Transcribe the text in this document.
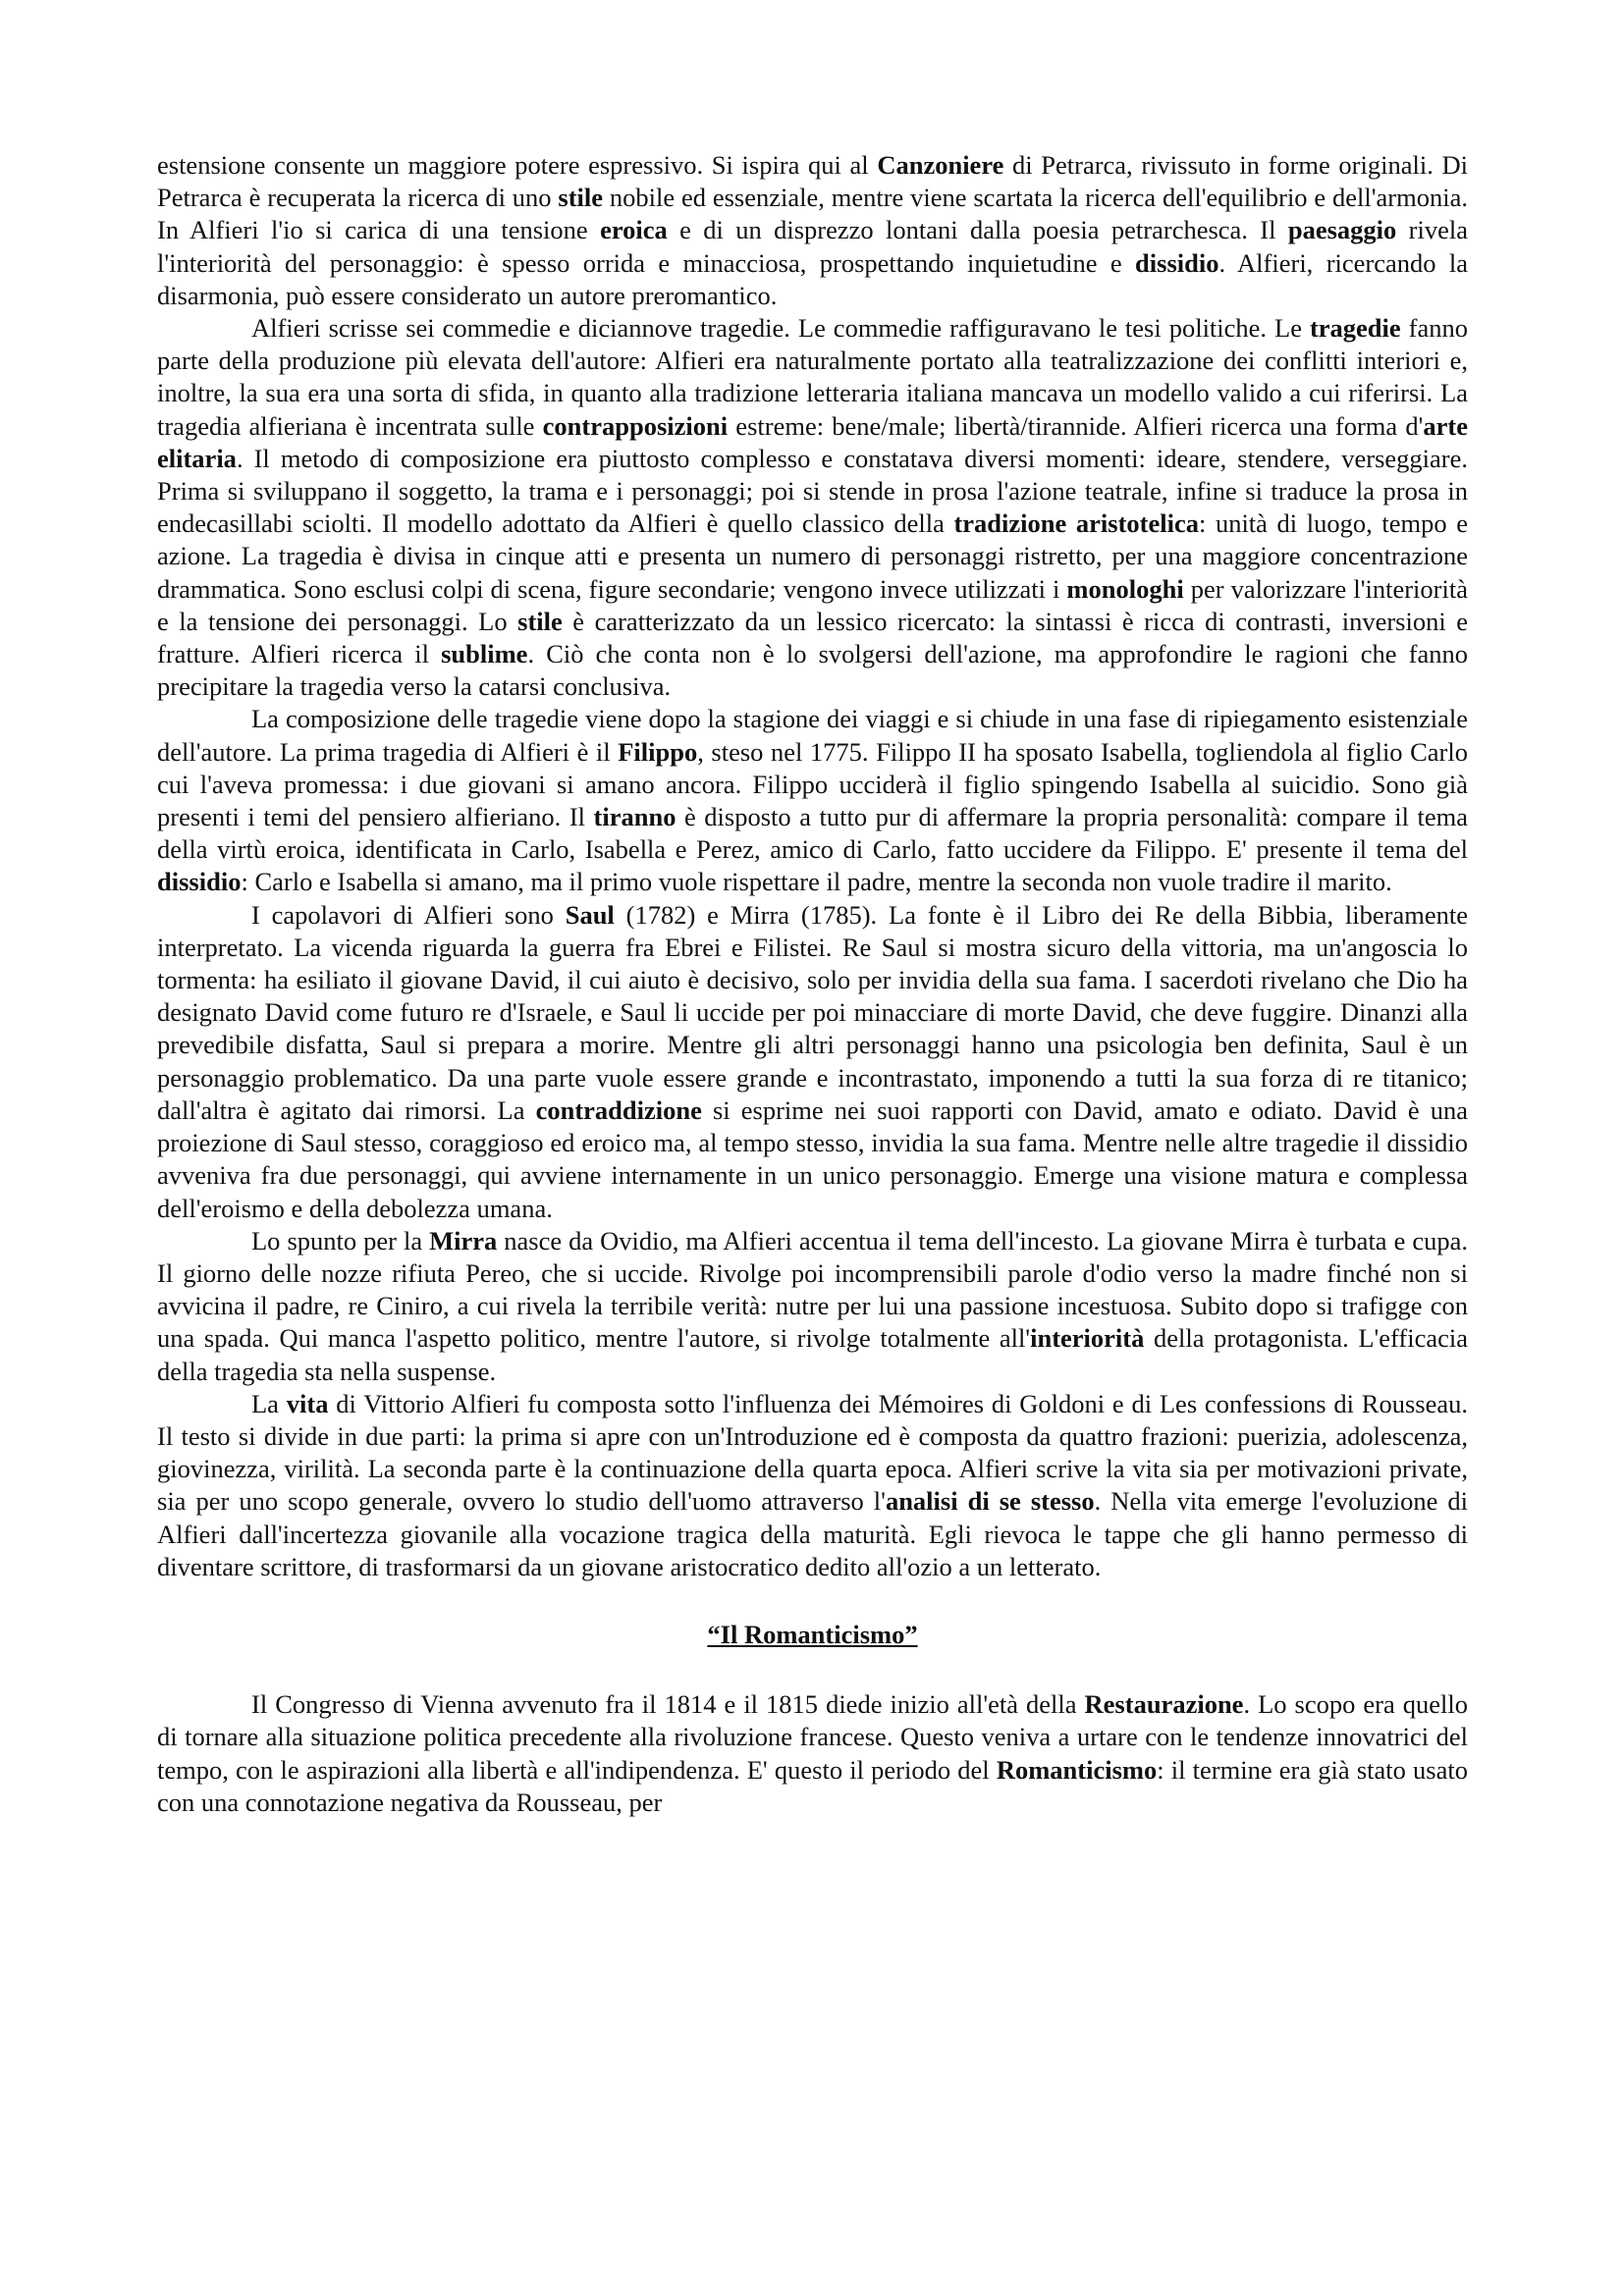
estensione consente un maggiore potere espressivo. Si ispira qui al Canzoniere di Petrarca, rivissuto in forme originali. Di Petrarca è recuperata la ricerca di uno stile nobile ed essenziale, mentre viene scartata la ricerca dell'equilibrio e dell'armonia. In Alfieri l'io si carica di una tensione eroica e di un disprezzo lontani dalla poesia petrarchesca. Il paesaggio rivela l'interiorità del personaggio: è spesso orrida e minacciosa, prospettando inquietudine e dissidio. Alfieri, ricercando la disarmonia, può essere considerato un autore preromantico.

Alfieri scrisse sei commedie e diciannove tragedie. Le commedie raffiguravano le tesi politiche. Le tragedie fanno parte della produzione più elevata dell'autore: Alfieri era naturalmente portato alla teatralizzazione dei conflitti interiori e, inoltre, la sua era una sorta di sfida, in quanto alla tradizione letteraria italiana mancava un modello valido a cui riferirsi. La tragedia alfieriana è incentrata sulle contrapposizioni estreme: bene/male; libertà/tirannide. Alfieri ricerca una forma d'arte elitaria. Il metodo di composizione era piuttosto complesso e constatava diversi momenti: ideare, stendere, verseggiare. Prima si sviluppano il soggetto, la trama e i personaggi; poi si stende in prosa l'azione teatrale, infine si traduce la prosa in endecasillabi sciolti. Il modello adottato da Alfieri è quello classico della tradizione aristotelica: unità di luogo, tempo e azione. La tragedia è divisa in cinque atti e presenta un numero di personaggi ristretto, per una maggiore concentrazione drammatica. Sono esclusi colpi di scena, figure secondarie; vengono invece utilizzati i monologhi per valorizzare l'interiorità e la tensione dei personaggi. Lo stile è caratterizzato da un lessico ricercato: la sintassi è ricca di contrasti, inversioni e fratture. Alfieri ricerca il sublime. Ciò che conta non è lo svolgersi dell'azione, ma approfondire le ragioni che fanno precipitare la tragedia verso la catarsi conclusiva.

La composizione delle tragedie viene dopo la stagione dei viaggi e si chiude in una fase di ripiegamento esistenziale dell'autore. La prima tragedia di Alfieri è il Filippo, steso nel 1775. Filippo II ha sposato Isabella, togliendola al figlio Carlo cui l'aveva promessa: i due giovani si amano ancora. Filippo ucciderà il figlio spingendo Isabella al suicidio. Sono già presenti i temi del pensiero alfieriano. Il tiranno è disposto a tutto pur di affermare la propria personalità: compare il tema della virtù eroica, identificata in Carlo, Isabella e Perez, amico di Carlo, fatto uccidere da Filippo. E' presente il tema del dissidio: Carlo e Isabella si amano, ma il primo vuole rispettare il padre, mentre la seconda non vuole tradire il marito.

I capolavori di Alfieri sono Saul (1782) e Mirra (1785). La fonte è il Libro dei Re della Bibbia, liberamente interpretato. La vicenda riguarda la guerra fra Ebrei e Filistei. Re Saul si mostra sicuro della vittoria, ma un'angoscia lo tormenta: ha esiliato il giovane David, il cui aiuto è decisivo, solo per invidia della sua fama. I sacerdoti rivelano che Dio ha designato David come futuro re d'Israele, e Saul li uccide per poi minacciare di morte David, che deve fuggire. Dinanzi alla prevedibile disfatta, Saul si prepara a morire. Mentre gli altri personaggi hanno una psicologia ben definita, Saul è un personaggio problematico. Da una parte vuole essere grande e incontrastato, imponendo a tutti la sua forza di re titanico; dall'altra è agitato dai rimorsi. La contraddizione si esprime nei suoi rapporti con David, amato e odiato. David è una proiezione di Saul stesso, coraggioso ed eroico ma, al tempo stesso, invidia la sua fama. Mentre nelle altre tragedie il dissidio avveniva fra due personaggi, qui avviene internamente in un unico personaggio. Emerge una visione matura e complessa dell'eroismo e della debolezza umana.

Lo spunto per la Mirra nasce da Ovidio, ma Alfieri accentua il tema dell'incesto. La giovane Mirra è turbata e cupa. Il giorno delle nozze rifiuta Pereo, che si uccide. Rivolge poi incomprensibili parole d'odio verso la madre finché non si avvicina il padre, re Ciniro, a cui rivela la terribile verità: nutre per lui una passione incestuosa. Subito dopo si trafigge con una spada. Qui manca l'aspetto politico, mentre l'autore, si rivolge totalmente all'interiorità della protagonista. L'efficacia della tragedia sta nella suspense.

La vita di Vittorio Alfieri fu composta sotto l'influenza dei Mémoires di Goldoni e di Les confessions di Rousseau. Il testo si divide in due parti: la prima si apre con un'Introduzione ed è composta da quattro frazioni: puerizia, adolescenza, giovinezza, virilità. La seconda parte è la continuazione della quarta epoca. Alfieri scrive la vita sia per motivazioni private, sia per uno scopo generale, ovvero lo studio dell'uomo attraverso l'analisi di se stesso. Nella vita emerge l'evoluzione di Alfieri dall'incertezza giovanile alla vocazione tragica della maturità. Egli rievoca le tappe che gli hanno permesso di diventare scrittore, di trasformarsi da un giovane aristocratico dedito all'ozio a un letterato.

“Il Romanticismo”

Il Congresso di Vienna avvenuto fra il 1814 e il 1815 diede inizio all'età della Restaurazione. Lo scopo era quello di tornare alla situazione politica precedente alla rivoluzione francese. Questo veniva a urtare con le tendenze innovatrici del tempo, con le aspirazioni alla libertà e all'indipendenza. E' questo il periodo del Romanticismo: il termine era già stato usato con una connotazione negativa da Rousseau, per
